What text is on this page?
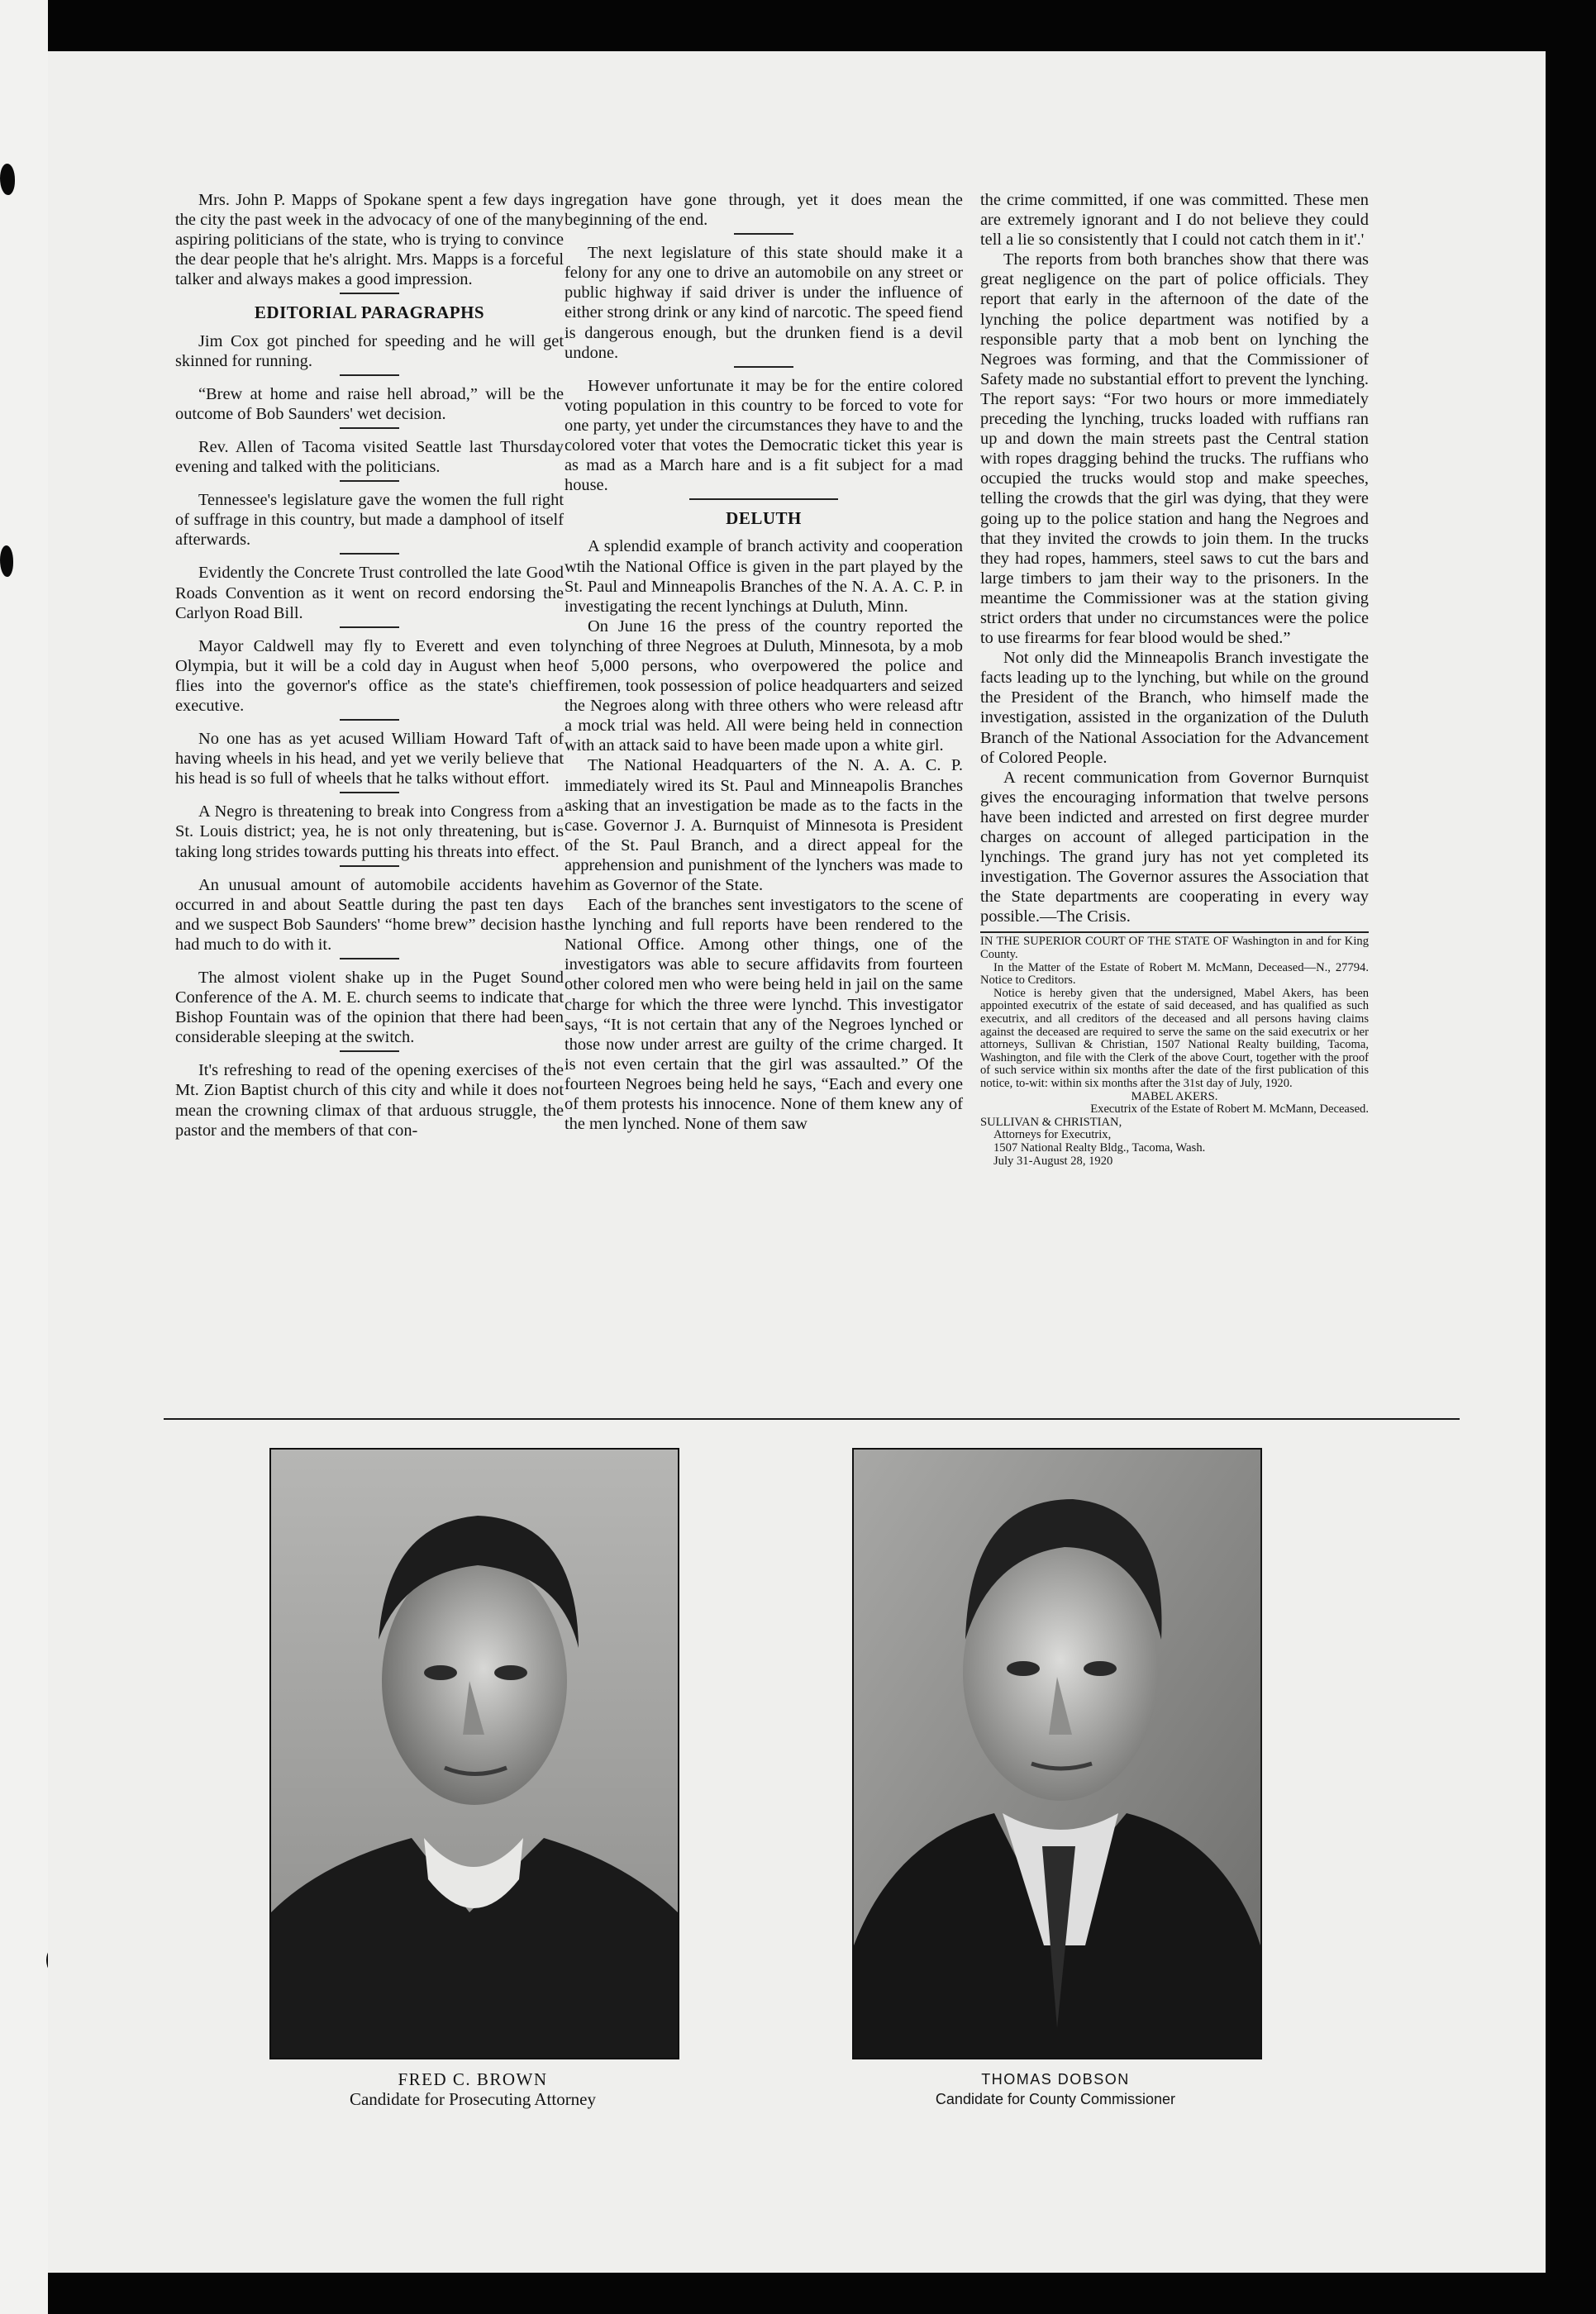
Mrs. John P. Mapps of Spokane spent a few days in the city the past week in the advocacy of one of the many aspiring politicians of the state, who is trying to convince the dear people that he's alright. Mrs. Mapps is a forceful talker and always makes a good impression.

EDITORIAL PARAGRAPHS

Jim Cox got pinched for speeding and he will get skinned for running.

“Brew at home and raise hell abroad,” will be the outcome of Bob Saunders' wet decision.

Rev. Allen of Tacoma visited Seattle last Thursday evening and talked with the politicians.

Tennessee's legislature gave the women the full right of suffrage in this country, but made a damphool of itself afterwards.

Evidently the Concrete Trust controlled the late Good Roads Convention as it went on record endorsing the Carlyon Road Bill.

Mayor Caldwell may fly to Everett and even to Olympia, but it will be a cold day in August when he flies into the governor's office as the state's chief executive.

No one has as yet acused William Howard Taft of having wheels in his head, and yet we verily believe that his head is so full of wheels that he talks without effort.

A Negro is threatening to break into Congress from a St. Louis district; yea, he is not only threatening, but is taking long strides towards putting his threats into effect.

An unusual amount of automobile accidents have occurred in and about Seattle during the past ten days and we suspect Bob Saunders' “home brew” decision has had much to do with it.

The almost violent shake up in the Puget Sound Conference of the A. M. E. church seems to indicate that Bishop Fountain was of the opinion that there had been considerable sleeping at the switch.

It's refreshing to read of the opening exercises of the Mt. Zion Baptist church of this city and while it does not mean the crowning climax of that arduous struggle, the pastor and the members of that con-

gregation have gone through, yet it does mean the beginning of the end.

The next legislature of this state should make it a felony for any one to drive an automobile on any street or public highway if said driver is under the influence of either strong drink or any kind of narcotic. The speed fiend is dangerous enough, but the drunken fiend is a devil undone.

However unfortunate it may be for the entire colored voting population in this country to be forced to vote for one party, yet under the circumstances they have to and the colored voter that votes the Democratic ticket this year is as mad as a March hare and is a fit subject for a mad house.

DELUTH

A splendid example of branch activity and cooperation wtih the National Office is given in the part played by the St. Paul and Minneapolis Branches of the N. A. A. C. P. in investigating the recent lynchings at Duluth, Minn.

On June 16 the press of the country reported the lynching of three Negroes at Duluth, Minnesota, by a mob of 5,000 persons, who overpowered the police and firemen, took possession of police headquarters and seized the Negroes along with three others who were releasd aftr a mock trial was held. All were being held in connection with an attack said to have been made upon a white girl.

The National Headquarters of the N. A. A. C. P. immediately wired its St. Paul and Minneapolis Branches asking that an investigation be made as to the facts in the case. Governor J. A. Burnquist of Minnesota is President of the St. Paul Branch, and a direct appeal for the apprehension and punishment of the lynchers was made to him as Governor of the State.

Each of the branches sent investigators to the scene of the lynching and full reports have been rendered to the National Office. Among other things, one of the investigators was able to secure affidavits from fourteen other colored men who were being held in jail on the same charge for which the three were lynchd. This investigator says, “It is not certain that any of the Negroes lynched or those now under arrest are guilty of the crime charged. It is not even certain that the girl was assaulted.” Of the fourteen Negroes being held he says, “Each and every one of them protests his innocence. None of them knew any of the men lynched. None of them saw

the crime committed, if one was committed. These men are extremely ignorant and I do not believe they could tell a lie so consistently that I could not catch them in it'.'

The reports from both branches show that there was great negligence on the part of police officials. They report that early in the afternoon of the date of the lynching the police department was notified by a responsible party that a mob bent on lynching the Negroes was forming, and that the Commissioner of Safety made no substantial effort to prevent the lynching. The report says: “For two hours or more immediately preceding the lynching, trucks loaded with ruffians ran up and down the main streets past the Central station with ropes dragging behind the trucks. The ruffians who occupied the trucks would stop and make speeches, telling the crowds that the girl was dying, that they were going up to the police station and hang the Negroes and that they invited the crowds to join them. In the trucks they had ropes, hammers, steel saws to cut the bars and large timbers to jam their way to the prisoners. In the meantime the Commissioner was at the station giving strict orders that under no circumstances were the police to use firearms for fear blood would be shed.”

Not only did the Minneapolis Branch investigate the facts leading up to the lynching, but while on the ground the President of the Branch, who himself made the investigation, assisted in the organization of the Duluth Branch of the National Association for the Advancement of Colored People.

A recent communication from Governor Burnquist gives the encouraging information that twelve persons have been indicted and arrested on first degree murder charges on account of alleged participation in the lynchings. The grand jury has not yet completed its investigation. The Governor assures the Association that the State departments are cooperating in every way possible.—The Crisis.

IN THE SUPERIOR COURT OF THE STATE OF Washington in and for King County.

In the Matter of the Estate of Robert M. McMann, Deceased—N., 27794. Notice to Creditors.

Notice is hereby given that the undersigned, Mabel Akers, has been appointed executrix of the estate of said deceased, and has qualified as such executrix, and all creditors of the deceased and all persons having claims against the deceased are required to serve the same on the said executrix or her attorneys, Sullivan & Christian, 1507 National Realty building, Tacoma, Washington, and file with the Clerk of the above Court, together with the proof of such service within six months after the date of the first publication of this notice, to-wit: within six months after the 31st day of July, 1920.

MABEL AKERS.

Executrix of the Estate of Robert M. McMann, Deceased.

SULLIVAN & CHRISTIAN,

Attorneys for Executrix,

1507 National Realty Bldg., Tacoma, Wash.

July 31-August 28, 1920

FRED C. BROWN
Candidate for Prosecuting Attorney
THOMAS DOBSON
Candidate for County Commissioner
